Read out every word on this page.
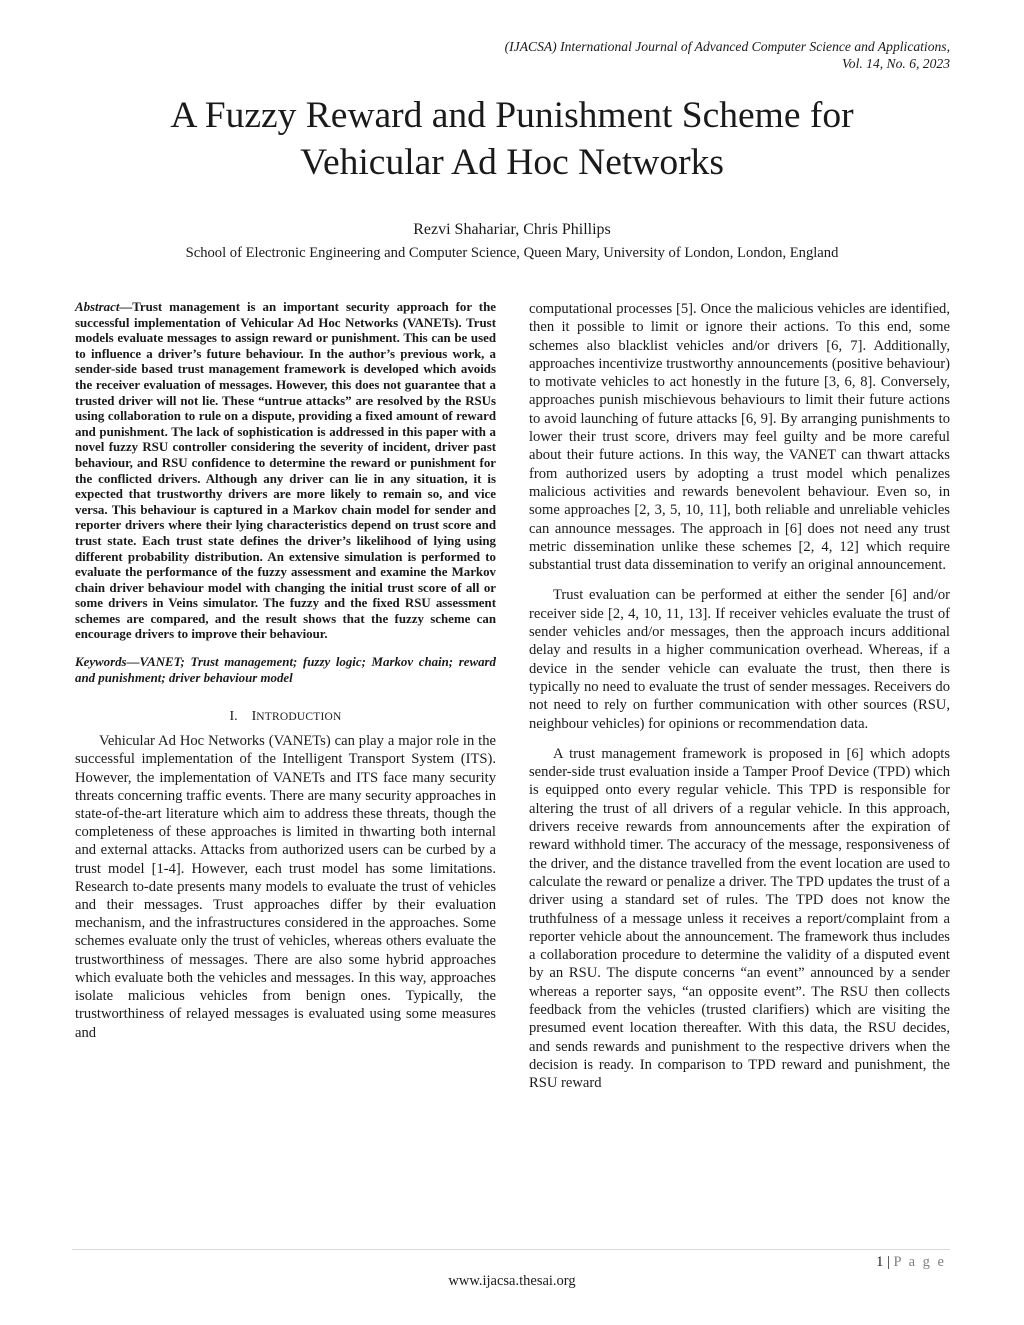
(IJACSA) International Journal of Advanced Computer Science and Applications,
Vol. 14, No. 6, 2023
A Fuzzy Reward and Punishment Scheme for
Vehicular Ad Hoc Networks
Rezvi Shahariar, Chris Phillips
School of Electronic Engineering and Computer Science, Queen Mary, University of London, London, England

Abstract—Trust management is an important security approach for the successful implementation of Vehicular Ad Hoc Networks (VANETs). Trust models evaluate messages to assign reward or punishment. This can be used to influence a driver’s future behaviour. In the author’s previous work, a sender-side based trust management framework is developed which avoids the receiver evaluation of messages. However, this does not guarantee that a trusted driver will not lie. These “untrue attacks” are resolved by the RSUs using collaboration to rule on a dispute, providing a fixed amount of reward and punishment. The lack of sophistication is addressed in this paper with a novel fuzzy RSU controller considering the severity of incident, driver past behaviour, and RSU confidence to determine the reward or punishment for the conflicted drivers. Although any driver can lie in any situation, it is expected that trustworthy drivers are more likely to remain so, and vice versa. This behaviour is captured in a Markov chain model for sender and reporter drivers where their lying characteristics depend on trust score and trust state. Each trust state defines the driver’s likelihood of lying using different probability distribution. An extensive simulation is performed to evaluate the performance of the fuzzy assessment and examine the Markov chain driver behaviour model with changing the initial trust score of all or some drivers in Veins simulator. The fuzzy and the fixed RSU assessment schemes are compared, and the result shows that the fuzzy scheme can encourage drivers to improve their behaviour.

Keywords—VANET; Trust management; fuzzy logic; Markov chain; reward and punishment; driver behaviour model

I. INTRODUCTION

Vehicular Ad Hoc Networks (VANETs) can play a major role in the successful implementation of the Intelligent Transport System (ITS). However, the implementation of VANETs and ITS face many security threats concerning traffic events. There are many security approaches in state-of-the-art literature which aim to address these threats, though the completeness of these approaches is limited in thwarting both internal and external attacks. Attacks from authorized users can be curbed by a trust model [1-4]. However, each trust model has some limitations. Research to-date presents many models to evaluate the trust of vehicles and their messages. Trust approaches differ by their evaluation mechanism, and the infrastructures considered in the approaches. Some schemes evaluate only the trust of vehicles, whereas others evaluate the trustworthiness of messages. There are also some hybrid approaches which evaluate both the vehicles and messages. In this way, approaches isolate malicious vehicles from benign ones. Typically, the trustworthiness of relayed messages is evaluated using some measures and

computational processes [5]. Once the malicious vehicles are identified, then it possible to limit or ignore their actions. To this end, some schemes also blacklist vehicles and/or drivers [6, 7]. Additionally, approaches incentivize trustworthy announcements (positive behaviour) to motivate vehicles to act honestly in the future [3, 6, 8]. Conversely, approaches punish mischievous behaviours to limit their future actions to avoid launching of future attacks [6, 9]. By arranging punishments to lower their trust score, drivers may feel guilty and be more careful about their future actions. In this way, the VANET can thwart attacks from authorized users by adopting a trust model which penalizes malicious activities and rewards benevolent behaviour. Even so, in some approaches [2, 3, 5, 10, 11], both reliable and unreliable vehicles can announce messages. The approach in [6] does not need any trust metric dissemination unlike these schemes [2, 4, 12] which require substantial trust data dissemination to verify an original announcement.

Trust evaluation can be performed at either the sender [6] and/or receiver side [2, 4, 10, 11, 13]. If receiver vehicles evaluate the trust of sender vehicles and/or messages, then the approach incurs additional delay and results in a higher communication overhead. Whereas, if a device in the sender vehicle can evaluate the trust, then there is typically no need to evaluate the trust of sender messages. Receivers do not need to rely on further communication with other sources (RSU, neighbour vehicles) for opinions or recommendation data.

A trust management framework is proposed in [6] which adopts sender-side trust evaluation inside a Tamper Proof Device (TPD) which is equipped onto every regular vehicle. This TPD is responsible for altering the trust of all drivers of a regular vehicle. In this approach, drivers receive rewards from announcements after the expiration of reward withhold timer. The accuracy of the message, responsiveness of the driver, and the distance travelled from the event location are used to calculate the reward or penalize a driver. The TPD updates the trust of a driver using a standard set of rules. The TPD does not know the truthfulness of a message unless it receives a report/complaint from a reporter vehicle about the announcement. The framework thus includes a collaboration procedure to determine the validity of a disputed event by an RSU. The dispute concerns “an event” announced by a sender whereas a reporter says, “an opposite event”. The RSU then collects feedback from the vehicles (trusted clarifiers) which are visiting the presumed event location thereafter. With this data, the RSU decides, and sends rewards and punishment to the respective drivers when the decision is ready. In comparison to TPD reward and punishment, the RSU reward

1 | P a g e
www.ijacsa.thesai.org
